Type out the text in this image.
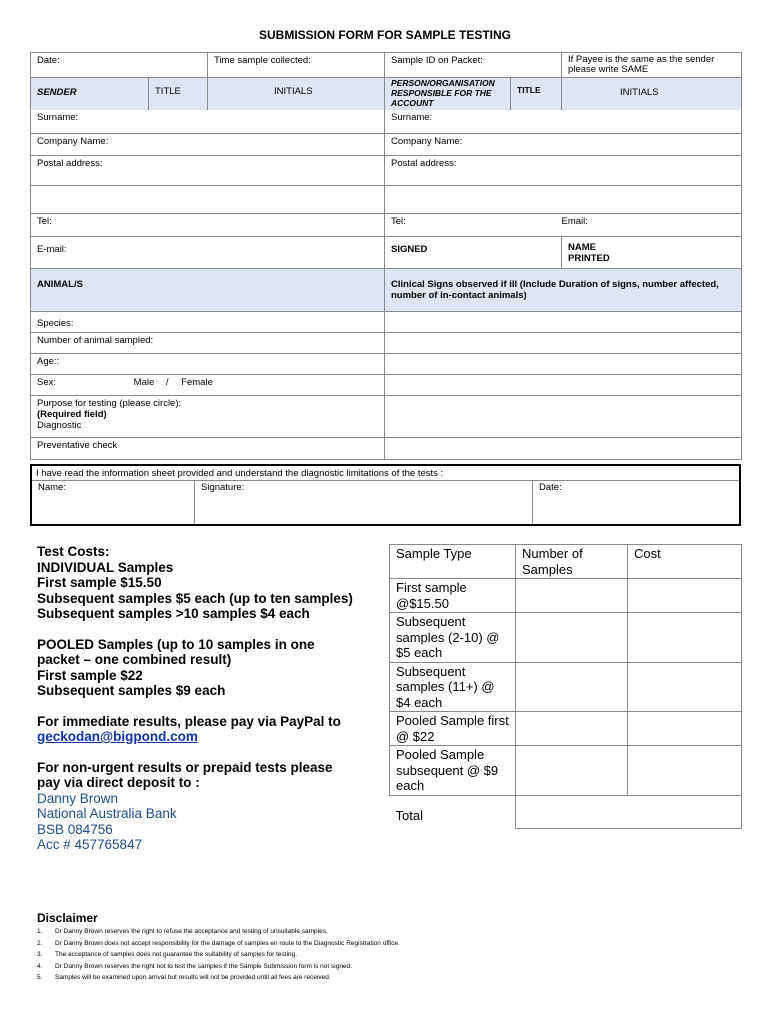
SUBMISSION FORM FOR SAMPLE TESTING
Date:		Time sample collected:	Sample ID on Packet:		If Payee is the same as the sender
please write SAME
SENDER	TITLE	INITIALS	PERSON/ORGANISATION RESPONSIBLE FOR THE ACCOUNT	TITLE	INITIALS
Surname:			Surname:		
Company Name:			Company Name:		
Postal address:			Postal address:		

Tel:			Tel:		Email:
E-mail:			SIGNED		NAME
PRINTED
ANIMAL/S			Clinical Signs observed if ill (Include Duration of signs, number affected, number of in-contact animals)		
Species:					
Number of animal sampled:					
Age::					
Sex: Male / Female					
Purpose for testing (please circle):
(Required field)
Diagnostic					
Preventative check					
I have read the information sheet provided and understand the diagnostic limitations of the tests :
Name:	Signature:	Date:
Test Costs:
INDIVIDUAL Samples
First sample $15.50
Subsequent samples $5 each (up to ten samples)
Subsequent samples >10 samples $4 each
POOLED Samples (up to 10 samples in one
packet – one combined result)
First sample $22
Subsequent samples $9 each
For immediate results, please pay via PayPal to
geckodan@bigpond.com
For non-urgent results or prepaid tests please
pay via direct deposit to :
Danny Brown
National Australia Bank
BSB 084756
Acc # 457765847
Sample Type	Number of Samples	Cost
First sample @$15.50		
Subsequent samples (2-10) @ $5 each		
Subsequent samples (11+) @ $4 each		
Pooled Sample first @ $22		
Pooled Sample subsequent @ $9 each		
Total		
Disclaimer
1. Dr Danny Brown reserves the right to refuse the acceptance and testing of unsuitable samples.
2. Dr Danny Brown does not accept responsibility for the damage of samples en route to the Diagnostic Registration office.
3. The acceptance of samples does not guarantee the suitability of samples for testing.
4. Dr Danny Brown reserves the right not to test the samples if the Sample Submission form is not signed.
5. Samples will be examined upon arrival but results will not be provided until all fees are received.
